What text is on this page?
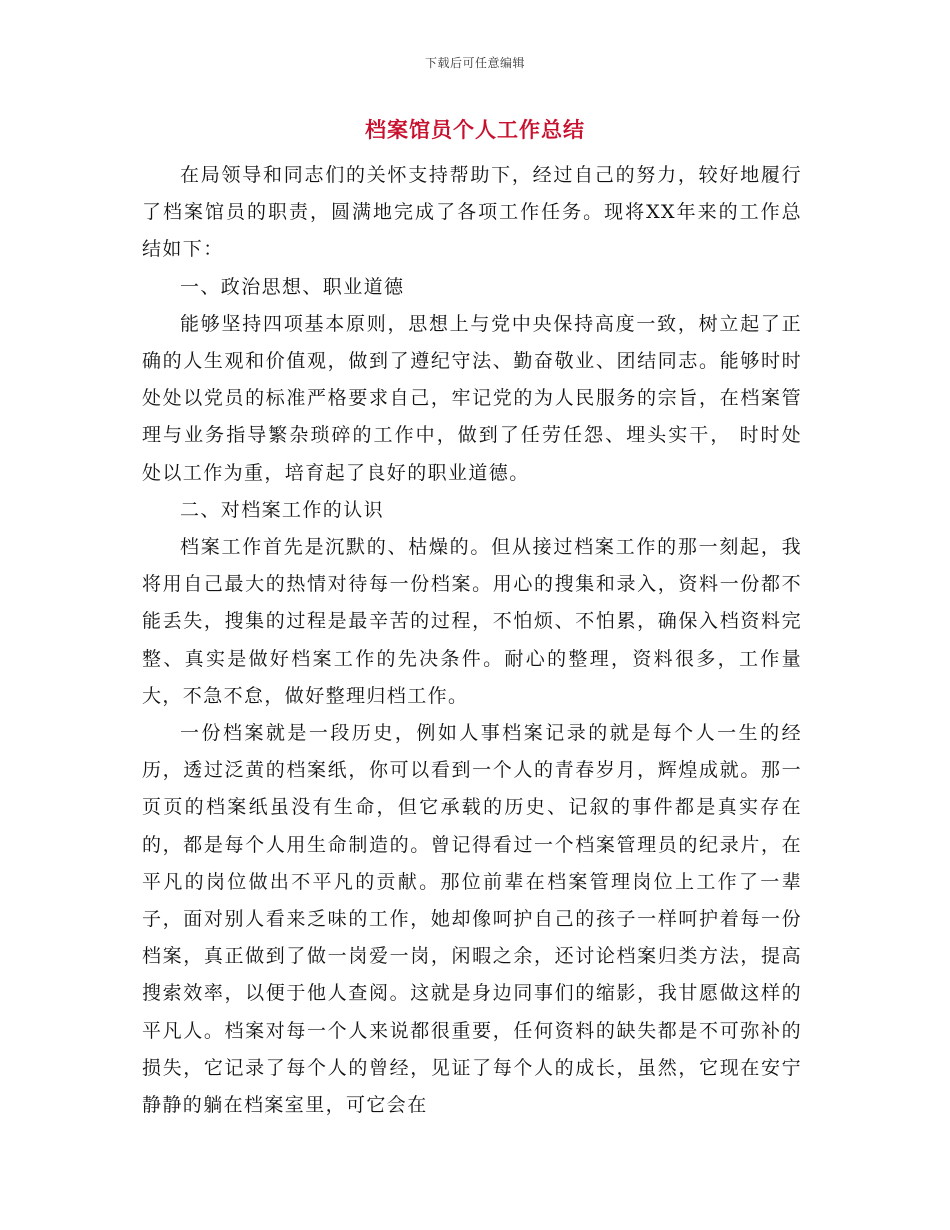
下载后可任意编辑
档案馆员个人工作总结

在局领导和同志们的关怀支持帮助下，经过自己的努力，较好地履行了档案馆员的职责，圆满地完成了各项工作任务。现将XX年来的工作总结如下：

一、政治思想、职业道德

能够坚持四项基本原则，思想上与党中央保持高度一致，树立起了正确的人生观和价值观，做到了遵纪守法、勤奋敬业、团结同志。能够时时处处以党员的标准严格要求自己，牢记党的为人民服务的宗旨，在档案管理与业务指导繁杂琐碎的工作中，做到了任劳任怨、埋头实干， 时时处处以工作为重，培育起了良好的职业道德。

二、对档案工作的认识

档案工作首先是沉默的、枯燥的。但从接过档案工作的那一刻起，我将用自己最大的热情对待每一份档案。用心的搜集和录入，资料一份都不能丢失，搜集的过程是最辛苦的过程，不怕烦、不怕累，确保入档资料完整、真实是做好档案工作的先决条件。耐心的整理，资料很多，工作量大，不急不怠，做好整理归档工作。

一份档案就是一段历史，例如人事档案记录的就是每个人一生的经历，透过泛黄的档案纸，你可以看到一个人的青春岁月，辉煌成就。那一页页的档案纸虽没有生命，但它承载的历史、记叙的事件都是真实存在的，都是每个人用生命制造的。曾记得看过一个档案管理员的纪录片，在平凡的岗位做出不平凡的贡献。那位前辈在档案管理岗位上工作了一辈子，面对别人看来乏味的工作，她却像呵护自己的孩子一样呵护着每一份档案，真正做到了做一岗爱一岗，闲暇之余，还讨论档案归类方法，提高搜索效率，以便于他人查阅。这就是身边同事们的缩影，我甘愿做这样的平凡人。档案对每一个人来说都很重要，任何资料的缺失都是不可弥补的损失，它记录了每个人的曾经，见证了每个人的成长，虽然，它现在安宁静静的躺在档案室里，可它会在
